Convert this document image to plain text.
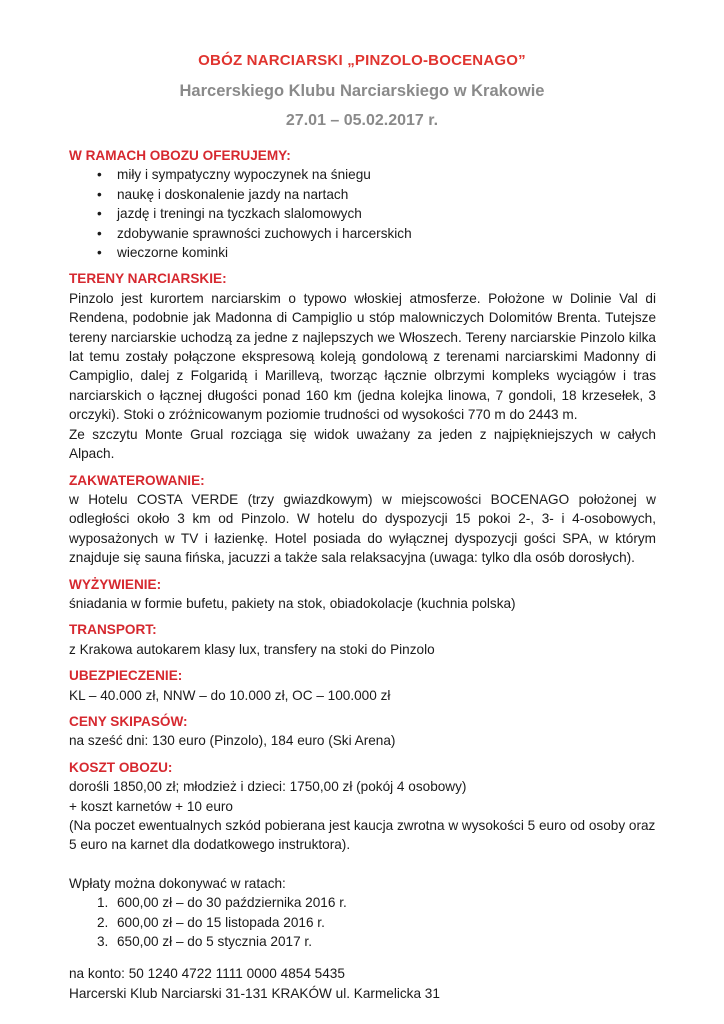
OBÓZ NARCIARSKI „PINZOLO-BOCENAGO”
Harcerskiego Klubu Narciarskiego w Krakowie
27.01 – 05.02.2017 r.

W RAMACH OBOZU OFERUJEMY:

• miły i sympatyczny wypoczynek na śniegu
• naukę i doskonalenie jazdy na nartach
• jazdę i treningi na tyczkach slalomowych
• zdobywanie sprawności zuchowych i harcerskich
• wieczorne kominki

TERENY NARCIARSKIE:

Pinzolo jest kurortem narciarskim o typowo włoskiej atmosferze. Położone w Dolinie Val di Rendena, podobnie jak Madonna di Campiglio u stóp malowniczych Dolomitów Brenta. Tutejsze tereny narciarskie uchodzą za jedne z najlepszych we Włoszech. Tereny narciarskie Pinzolo kilka lat temu zostały połączone ekspresową koleją gondolową z terenami narciarskimi Madonny di Campiglio, dalej z Folgaridą i Marillevą, tworząc łącznie olbrzymi kompleks wyciągów i tras narciarskich o łącznej długości ponad 160 km (jedna kolejka linowa, 7 gondoli, 18 krzesełek, 3 orczyki). Stoki o zróżnicowanym poziomie trudności od wysokości 770 m do 2443 m.

Ze szczytu Monte Grual rozciąga się widok uważany za jeden z najpiękniejszych w całych Alpach.

ZAKWATEROWANIE:

w Hotelu COSTA VERDE (trzy gwiazdkowym) w miejscowości BOCENAGO położonej w odległości około 3 km od Pinzolo. W hotelu do dyspozycji 15 pokoi 2-, 3- i 4-osobowych, wyposażonych w TV i łazienkę. Hotel posiada do wyłącznej dyspozycji gości SPA, w którym znajduje się sauna fińska, jacuzzi a także sala relaksacyjna (uwaga: tylko dla osób dorosłych).

WYŻYWIENIE:

śniadania w formie bufetu, pakiety na stok, obiadokolacje (kuchnia polska)

TRANSPORT:

z Krakowa autokarem klasy lux, transfery na stoki do Pinzolo

UBEZPIECZENIE:

KL – 40.000 zł, NNW – do 10.000 zł, OC – 100.000 zł

CENY SKIPASÓW:

na sześć dni: 130 euro (Pinzolo), 184 euro (Ski Arena)

KOSZT OBOZU:

dorośli 1850,00 zł; młodzież i dzieci: 1750,00 zł (pokój 4 osobowy)

+ koszt karnetów + 10 euro

(Na poczet ewentualnych szkód pobierana jest kaucja zwrotna w wysokości 5 euro od osoby oraz 5 euro na karnet dla dodatkowego instruktora).

Wpłaty można dokonywać w ratach:

1. 600,00 zł – do 30 października 2016 r.
2. 600,00 zł – do 15 listopada 2016 r.
3. 650,00 zł – do 5 stycznia 2017 r.

na konto: 50 1240 4722 1111 0000 4854 5435

Harcerski Klub Narciarski 31-131 KRAKÓW ul. Karmelicka 31
